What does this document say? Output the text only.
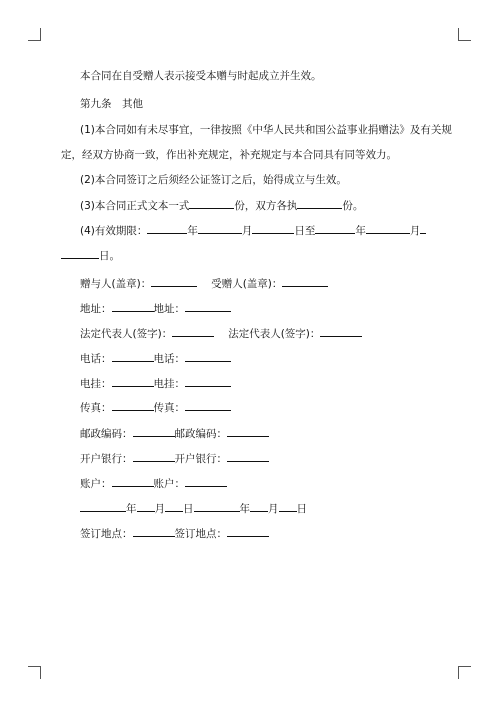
本合同在自受赠人表示接受本赠与时起成立并生效。
第九条　其他
(1)本合同如有未尽事宜，一律按照《中华人民共和国公益事业捐赠法》及有关规
定，经双方协商一致，作出补充规定，补充规定与本合同具有同等效力。
(2)本合同签订之后须经公证签订之后，始得成立与生效。
(3)本合同正式文本一式	份，双方各执	份。
(4)有效期限：	年	月	日至	年	月
日。
赠与人(盖章)：	受赠人(盖章)：
地址：	地址：
法定代表人(签字)：	法定代表人(签字)：
电话：	电话：
电挂：	电挂：
传真：	传真：
邮政编码：	邮政编码：
开户银行：	开户银行：
账户：	账户：
年 月 日	年 月 日
签订地点：	签订地点：
